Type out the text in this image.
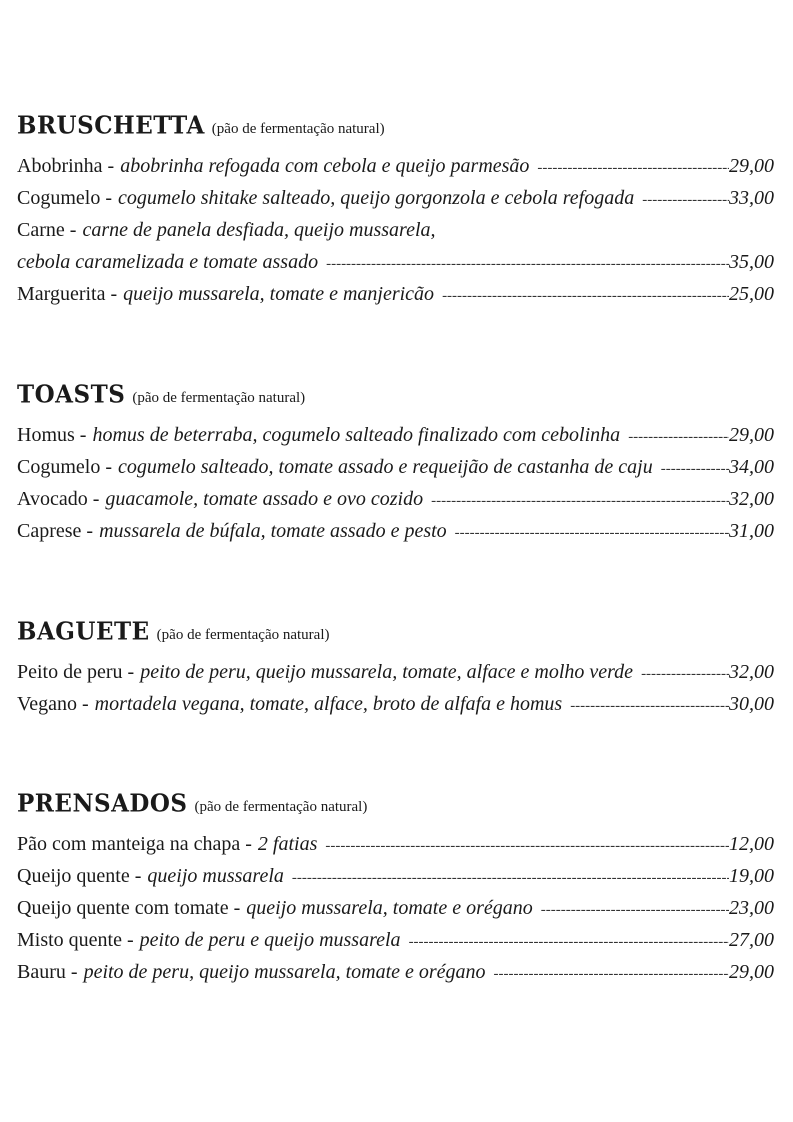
BRUSCHETTA (pão de fermentação natural)
Abobrinha - abobrinha refogada com cebola e queijo parmesão -----	29,00
Cogumelo - cogumelo shitake salteado, queijo gorgonzola e cebola refogada -----	33,00
Carne - carne de panela desfiada, queijo mussarela,
cebola caramelizada e tomate assado -----	35,00
Marguerita - queijo mussarela, tomate e manjericão -----	25,00
TOASTS (pão de fermentação natural)
Homus - homus de beterraba, cogumelo salteado finalizado com cebolinha -----	29,00
Cogumelo - cogumelo salteado, tomate assado e requeijão de castanha de caju -----	34,00
Avocado - guacamole, tomate assado e ovo cozido -----	32,00
Caprese - mussarela de búfala, tomate assado e pesto -----	31,00
BAGUETE (pão de fermentação natural)
Peito de peru - peito de peru, queijo mussarela, tomate, alface e molho verde -----	32,00
Vegano - mortadela vegana, tomate, alface, broto de alfafa e homus -----	30,00
PRENSADOS (pão de fermentação natural)
Pão com manteiga na chapa - 2 fatias -----	12,00
Queijo quente - queijo mussarela -----	19,00
Queijo quente com tomate - queijo mussarela, tomate e orégano -----	23,00
Misto quente - peito de peru e queijo mussarela -----	27,00
Bauru - peito de peru, queijo mussarela, tomate e orégano -----	29,00
